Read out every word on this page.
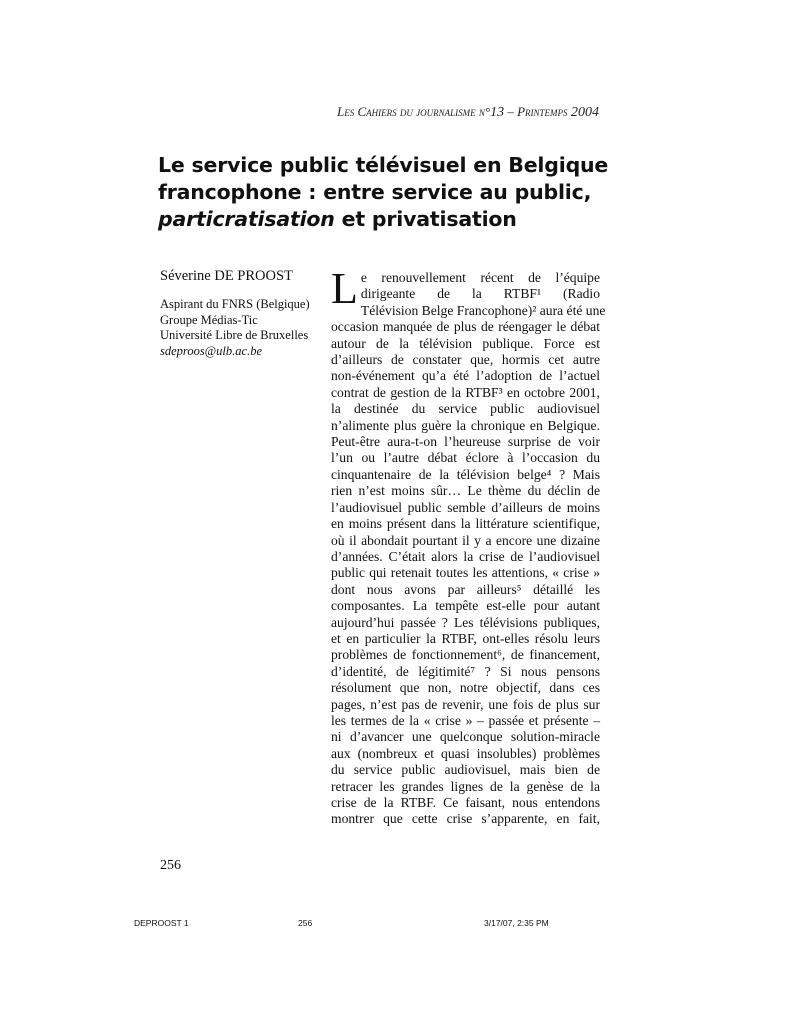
Les Cahiers du journalisme n°13 – Printemps 2004
Le service public télévisuel en Belgique
francophone : entre service au public,
particratisation et privatisation

Séverine DE PROOST

Aspirant du FNRS (Belgique)

Groupe Médias-Tic

Université Libre de Bruxelles

sdeproos@ulb.ac.be

L e renouvellement récent de l’équipe
dirigeante de la RTBF¹ (Radio
Télévision Belge Francophone)² aura été une
occasion manquée de plus de réengager le débat
autour de la télévision publique. Force est
d’ailleurs de constater que, hormis cet autre
non-événement qu’a été l’adoption de l’actuel
contrat de gestion de la RTBF³ en octobre 2001,
la destinée du service public audiovisuel
n’alimente plus guère la chronique en Belgique.
Peut-être aura-t-on l’heureuse surprise de voir
l’un ou l’autre débat éclore à l’occasion du
cinquantenaire de la télévision belge⁴ ? Mais
rien n’est moins sûr… Le thème du déclin de
l’audiovisuel public semble d’ailleurs de moins
en moins présent dans la littérature scientifique,
où il abondait pourtant il y a encore une dizaine
d’années. C’était alors la crise de l’audiovisuel
public qui retenait toutes les attentions, « crise »
dont nous avons par ailleurs⁵ détaillé les
composantes. La tempête est-elle pour autant
aujourd’hui passée ? Les télévisions publiques,
et en particulier la RTBF, ont-elles résolu leurs
problèmes de fonctionnement⁶, de financement,
d’identité, de légitimité⁷ ? Si nous pensons
résolument que non, notre objectif, dans ces
pages, n’est pas de revenir, une fois de plus sur
les termes de la « crise » – passée et présente –
ni d’avancer une quelconque solution-miracle
aux (nombreux et quasi insolubles) problèmes
du service public audiovisuel, mais bien de
retracer les grandes lignes de la genèse de la
crise de la RTBF. Ce faisant, nous entendons
montrer que cette crise s’apparente, en fait,
256
DEPROOST 1	256	3/17/07, 2:35 PM
